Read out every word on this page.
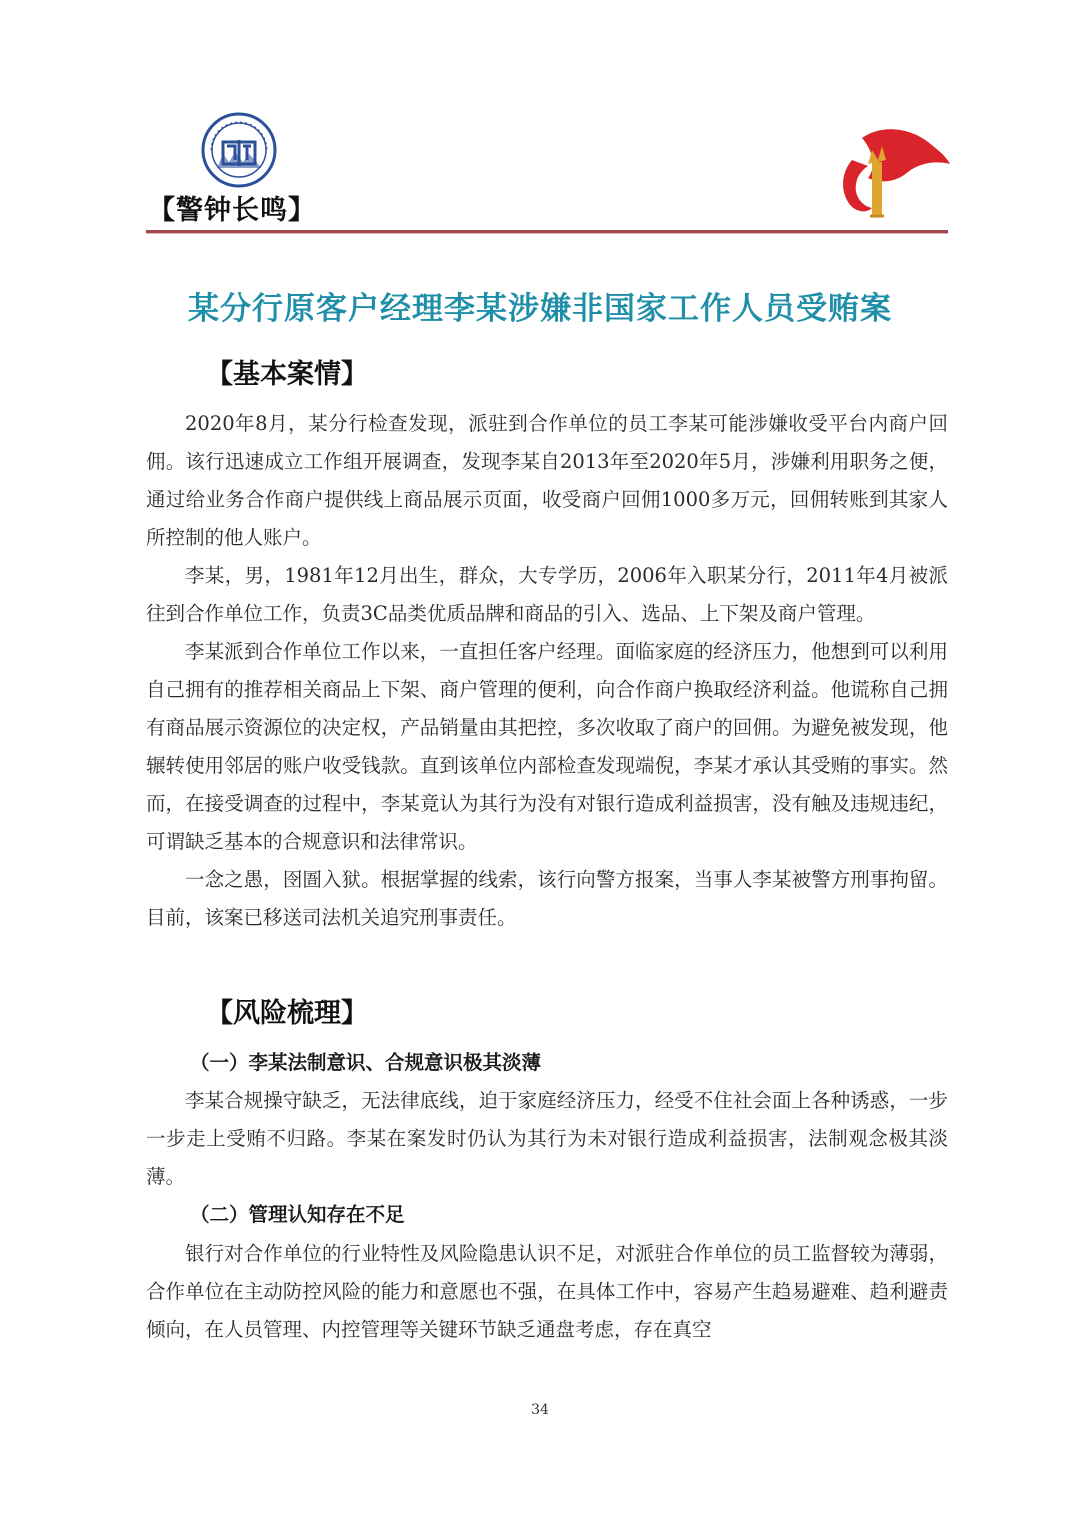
【警钟长鸣】
某分行原客户经理李某涉嫌非国家工作人员受贿案
【基本案情】

2020年8月，某分行检查发现，派驻到合作单位的员工李某可能涉嫌收受平台内商户回佣。该行迅速成立工作组开展调查，发现李某自2013年至2020年5月，涉嫌利用职务之便，通过给业务合作商户提供线上商品展示页面，收受商户回佣1000多万元，回佣转账到其家人所控制的他人账户。

李某，男，1981年12月出生，群众，大专学历，2006年入职某分行，2011年4月被派往到合作单位工作，负责3C品类优质品牌和商品的引入、选品、上下架及商户管理。

李某派到合作单位工作以来，一直担任客户经理。面临家庭的经济压力，他想到可以利用自己拥有的推荐相关商品上下架、商户管理的便利，向合作商户换取经济利益。他谎称自己拥有商品展示资源位的决定权，产品销量由其把控，多次收取了商户的回佣。为避免被发现，他辗转使用邻居的账户收受钱款。直到该单位内部检查发现端倪，李某才承认其受贿的事实。然而，在接受调查的过程中，李某竟认为其行为没有对银行造成利益损害，没有触及违规违纪，可谓缺乏基本的合规意识和法律常识。

一念之愚，囹圄入狱。根据掌握的线索，该行向警方报案，当事人李某被警方刑事拘留。目前，该案已移送司法机关追究刑事责任。

【风险梳理】
（一）李某法制意识、合规意识极其淡薄

李某合规操守缺乏，无法律底线，迫于家庭经济压力，经受不住社会面上各种诱惑，一步一步走上受贿不归路。李某在案发时仍认为其行为未对银行造成利益损害，法制观念极其淡薄。

（二）管理认知存在不足

银行对合作单位的行业特性及风险隐患认识不足，对派驻合作单位的员工监督较为薄弱，合作单位在主动防控风险的能力和意愿也不强，在具体工作中，容易产生趋易避难、趋利避责倾向，在人员管理、内控管理等关键环节缺乏通盘考虑，存在真空

34
